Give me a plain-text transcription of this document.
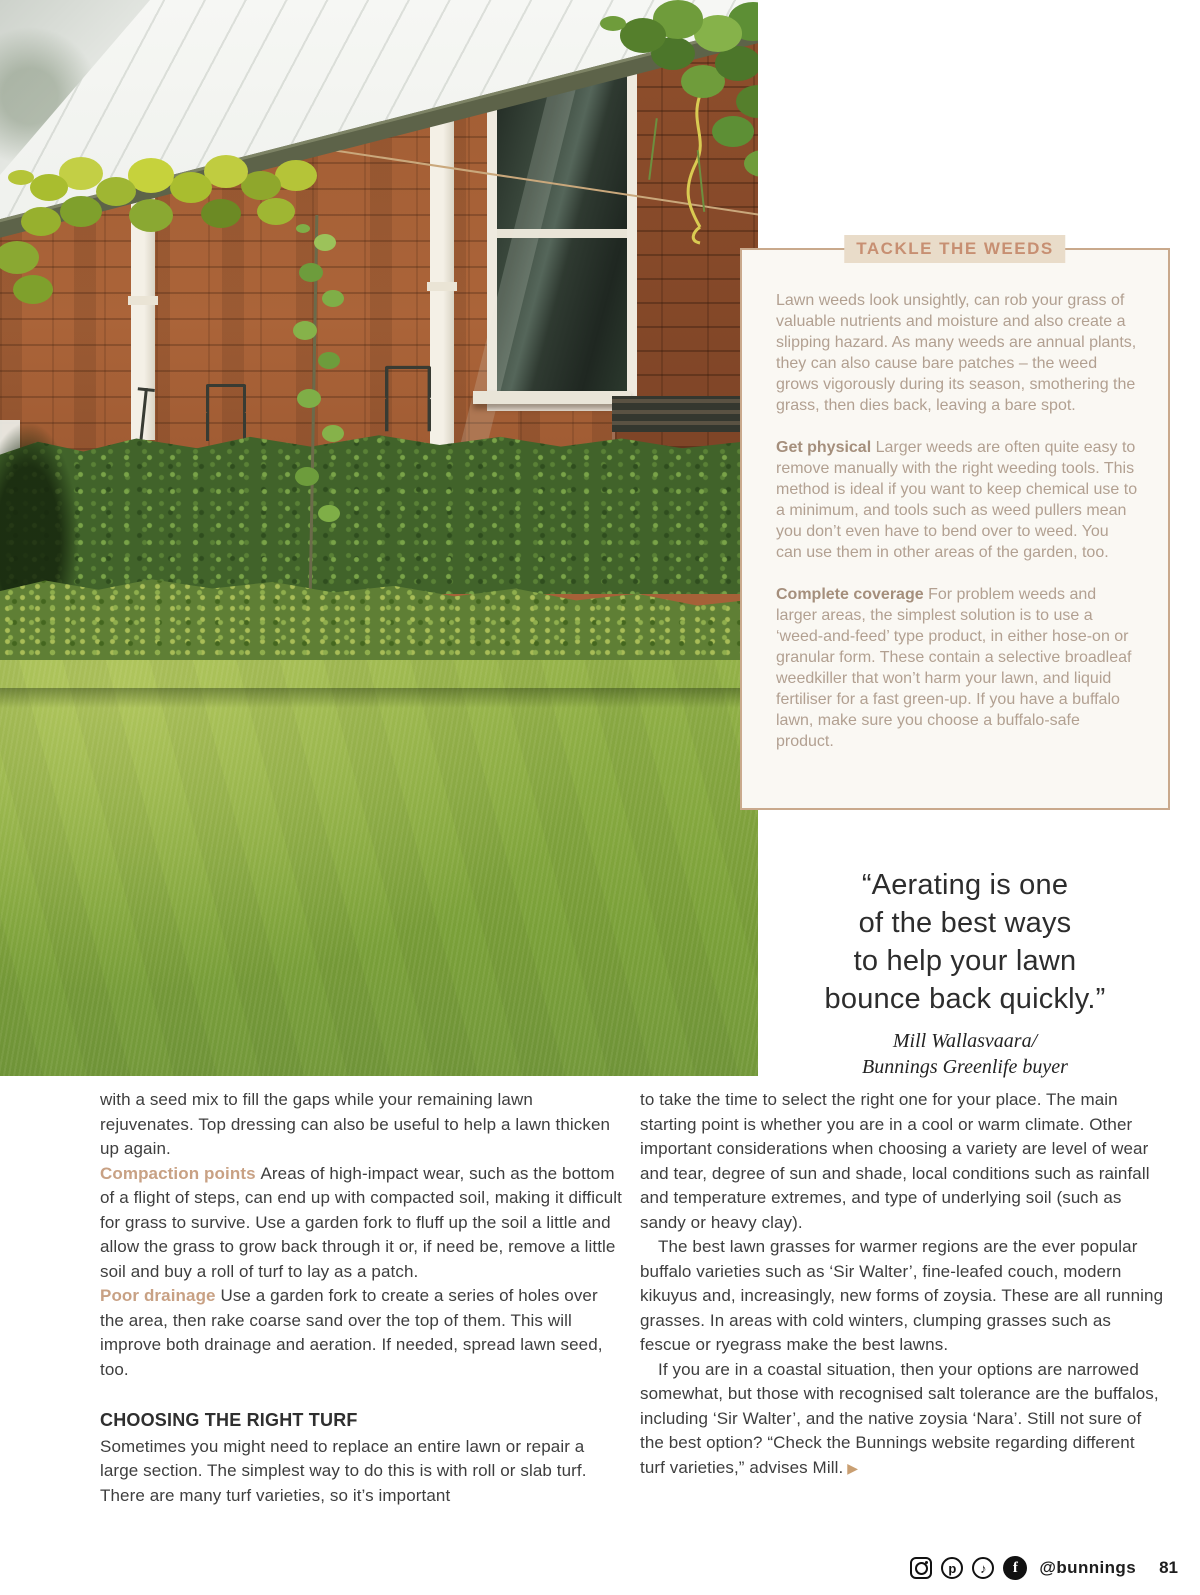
TACKLE THE WEEDS

Lawn weeds look unsightly, can rob your grass of valuable nutrients and moisture and also create a slipping hazard. As many weeds are annual plants, they can also cause bare patches – the weed grows vigorously during its season, smothering the grass, then dies back, leaving a bare spot.

Get physical Larger weeds are often quite easy to remove manually with the right weeding tools. This method is ideal if you want to keep chemical use to a minimum, and tools such as weed pullers mean you don’t even have to bend over to weed. You can use them in other areas of the garden, too.

Complete coverage For problem weeds and larger areas, the simplest solution is to use a ‘weed-and-feed’ type product, in either hose-on or granular form. These contain a selective broadleaf weedkiller that won’t harm your lawn, and liquid fertiliser for a fast green-up. If you have a buffalo lawn, make sure you choose a buffalo-safe product.

“Aerating is one
of the best ways
to help your lawn
bounce back quickly.”
Mill Wallasvaara/
Bunnings Greenlife buyer

with a seed mix to fill the gaps while your remaining lawn rejuvenates. Top dressing can also be useful to help a lawn thicken up again.

Compaction points Areas of high-impact wear, such as the bottom of a flight of steps, can end up with compacted soil, making it difficult for grass to survive. Use a garden fork to fluff up the soil a little and allow the grass to grow back through it or, if need be, remove a little soil and buy a roll of turf to lay as a patch.

Poor drainage Use a garden fork to create a series of holes over the area, then rake coarse sand over the top of them. This will improve both drainage and aeration. If needed, spread lawn seed, too.

CHOOSING THE RIGHT TURF

Sometimes you might need to replace an entire lawn or repair a large section. The simplest way to do this is with roll or slab turf. There are many turf varieties, so it’s important

to take the time to select the right one for your place. The main starting point is whether you are in a cool or warm climate. Other important considerations when choosing a variety are level of wear and tear, degree of sun and shade, local conditions such as rainfall and temperature extremes, and type of underlying soil (such as sandy or heavy clay).

The best lawn grasses for warmer regions are the ever popular buffalo varieties such as ‘Sir Walter’, fine-leafed couch, modern kikuyus and, increasingly, new forms of zoysia. These are all running grasses. In areas with cold winters, clumping grasses such as fescue or ryegrass make the best lawns.

If you are in a coastal situation, then your options are narrowed somewhat, but those with recognised salt tolerance are the buffalos, including ‘Sir Walter’, and the native zoysia ‘Nara’. Still not sure of the best option? “Check the Bunnings website regarding different turf varieties,” advises Mill. ▶

p	♪	f	@bunnings 81
